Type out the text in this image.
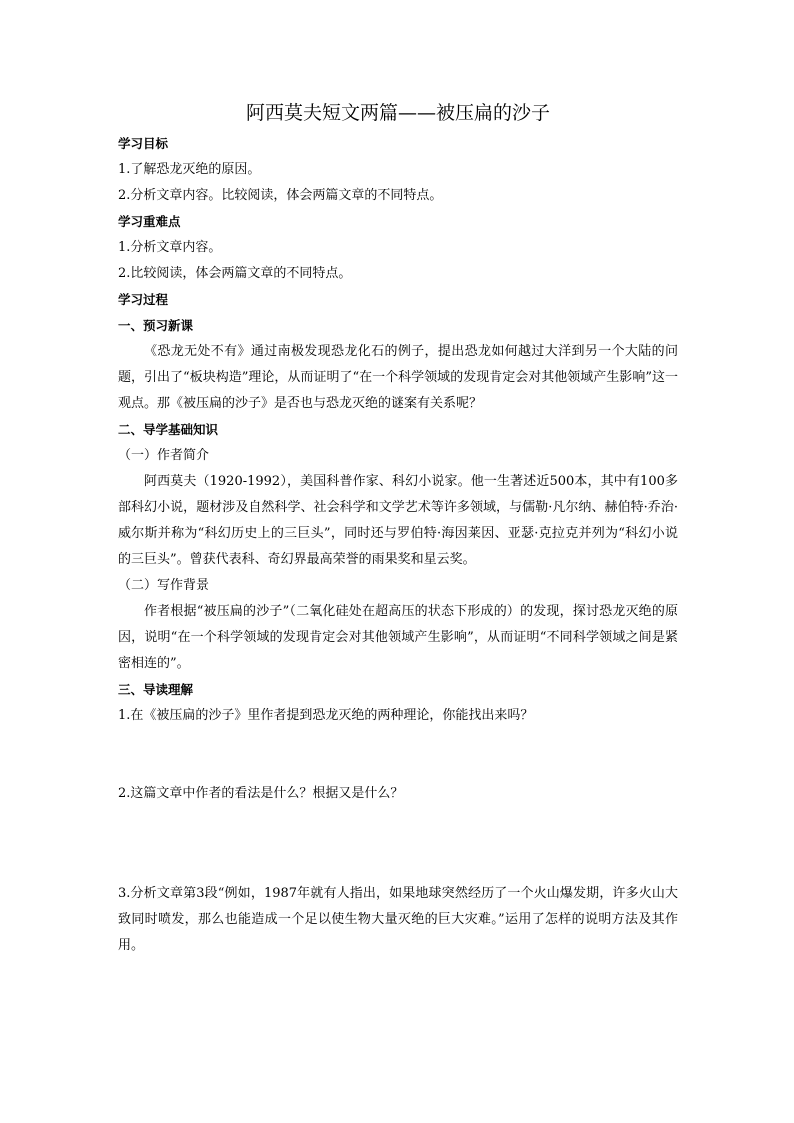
阿西莫夫短文两篇——被压扁的沙子
学习目标
1.了解恐龙灭绝的原因。
2.分析文章内容。比较阅读，体会两篇文章的不同特点。
学习重难点
1.分析文章内容。
2.比较阅读，体会两篇文章的不同特点。
学习过程
一、预习新课
《恐龙无处不有》通过南极发现恐龙化石的例子，提出恐龙如何越过大洋到另一个大陆的问题，引出了“板块构造”理论，从而证明了“在一个科学领域的发现肯定会对其他领域产生影响”这一观点。那《被压扁的沙子》是否也与恐龙灭绝的谜案有关系呢？
二、导学基础知识
（一）作者简介
阿西莫夫（1920-1992），美国科普作家、科幻小说家。他一生著述近500本，其中有100多部科幻小说，题材涉及自然科学、社会科学和文学艺术等许多领域，与儒勒·凡尔纳、赫伯特·乔治·威尔斯并称为“科幻历史上的三巨头”，同时还与罗伯特·海因莱因、亚瑟·克拉克并列为“科幻小说的三巨头”。曾获代表科、奇幻界最高荣誉的雨果奖和星云奖。
（二）写作背景
作者根据“被压扁的沙子”（二氧化硅处在超高压的状态下形成的）的发现，探讨恐龙灭绝的原因，说明“在一个科学领域的发现肯定会对其他领域产生影响”，从而证明“不同科学领域之间是紧密相连的”。
三、导读理解
1.在《被压扁的沙子》里作者提到恐龙灭绝的两种理论，你能找出来吗？
2.这篇文章中作者的看法是什么？根据又是什么？
3.分析文章第3段“例如，1987年就有人指出，如果地球突然经历了一个火山爆发期，许多火山大致同时喷发，那么也能造成一个足以使生物大量灭绝的巨大灾难。”运用了怎样的说明方法及其作用。
